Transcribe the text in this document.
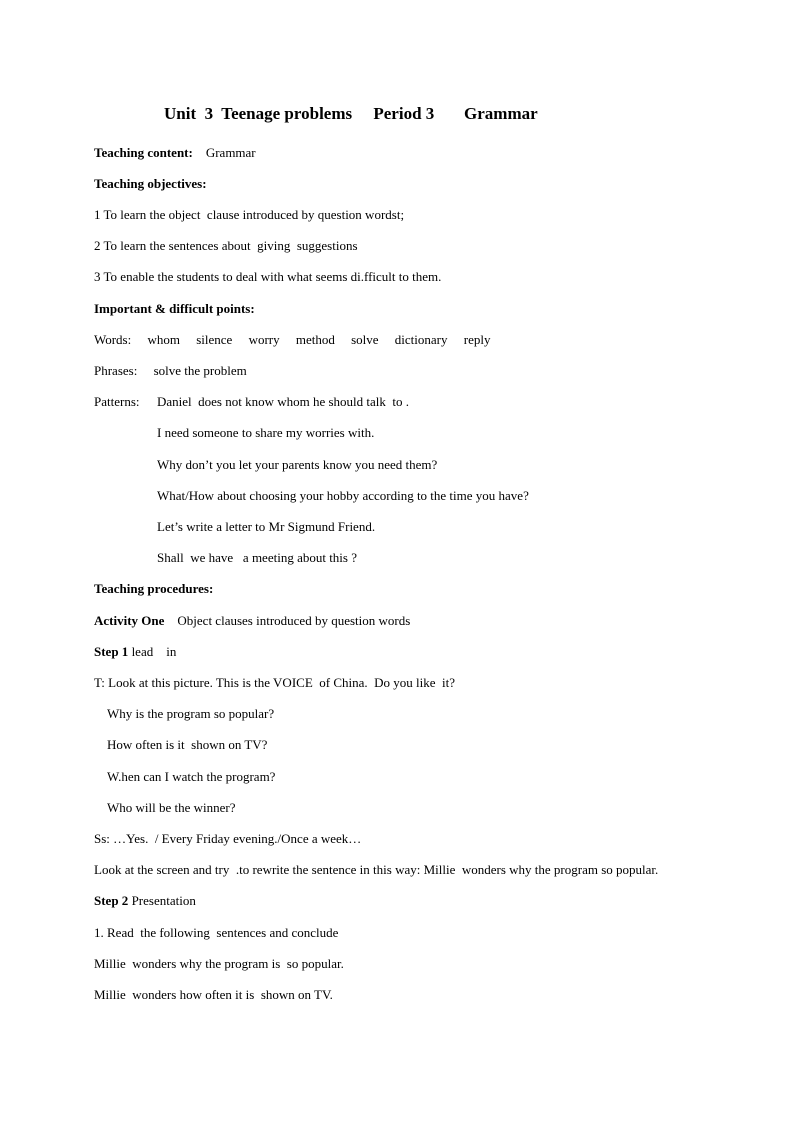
Unit  3  Teenage problems     Period 3       Grammar
Teaching content: Grammar
Teaching objectives:
1 To learn the object  clause introduced by question wordst;
2 To learn the sentences about  giving  suggestions
3 To enable the students to deal with what seems di.fficult to them.
Important & difficult points:
Words:     whom     silence     worry     method     solve     dictionary     reply
Phrases:     solve the problem
Patterns: Daniel  does not know whom he should talk  to .
I need someone to share my worries with.
Why don’t you let your parents know you need them?
What/How about choosing your hobby according to the time you have?
Let’s write a letter to Mr Sigmund Friend.
Shall  we have   a meeting about this ?
Teaching procedures:
Activity One Object clauses introduced by question words
Step 1 lead    in
T: Look at this picture. This is the VOICE  of China.  Do you like  it?
Why is the program so popular?
How often is it  shown on TV?
W.hen can I watch the program?
Who will be the winner?
Ss: …Yes.  / Every Friday evening./Once a week…
Look at the screen and try  .to rewrite the sentence in this way: Millie  wonders why the program so popular.
Step 2 Presentation
1. Read  the following  sentences and conclude
Millie  wonders why the program is  so popular.
Millie  wonders how often it is  shown on TV.
